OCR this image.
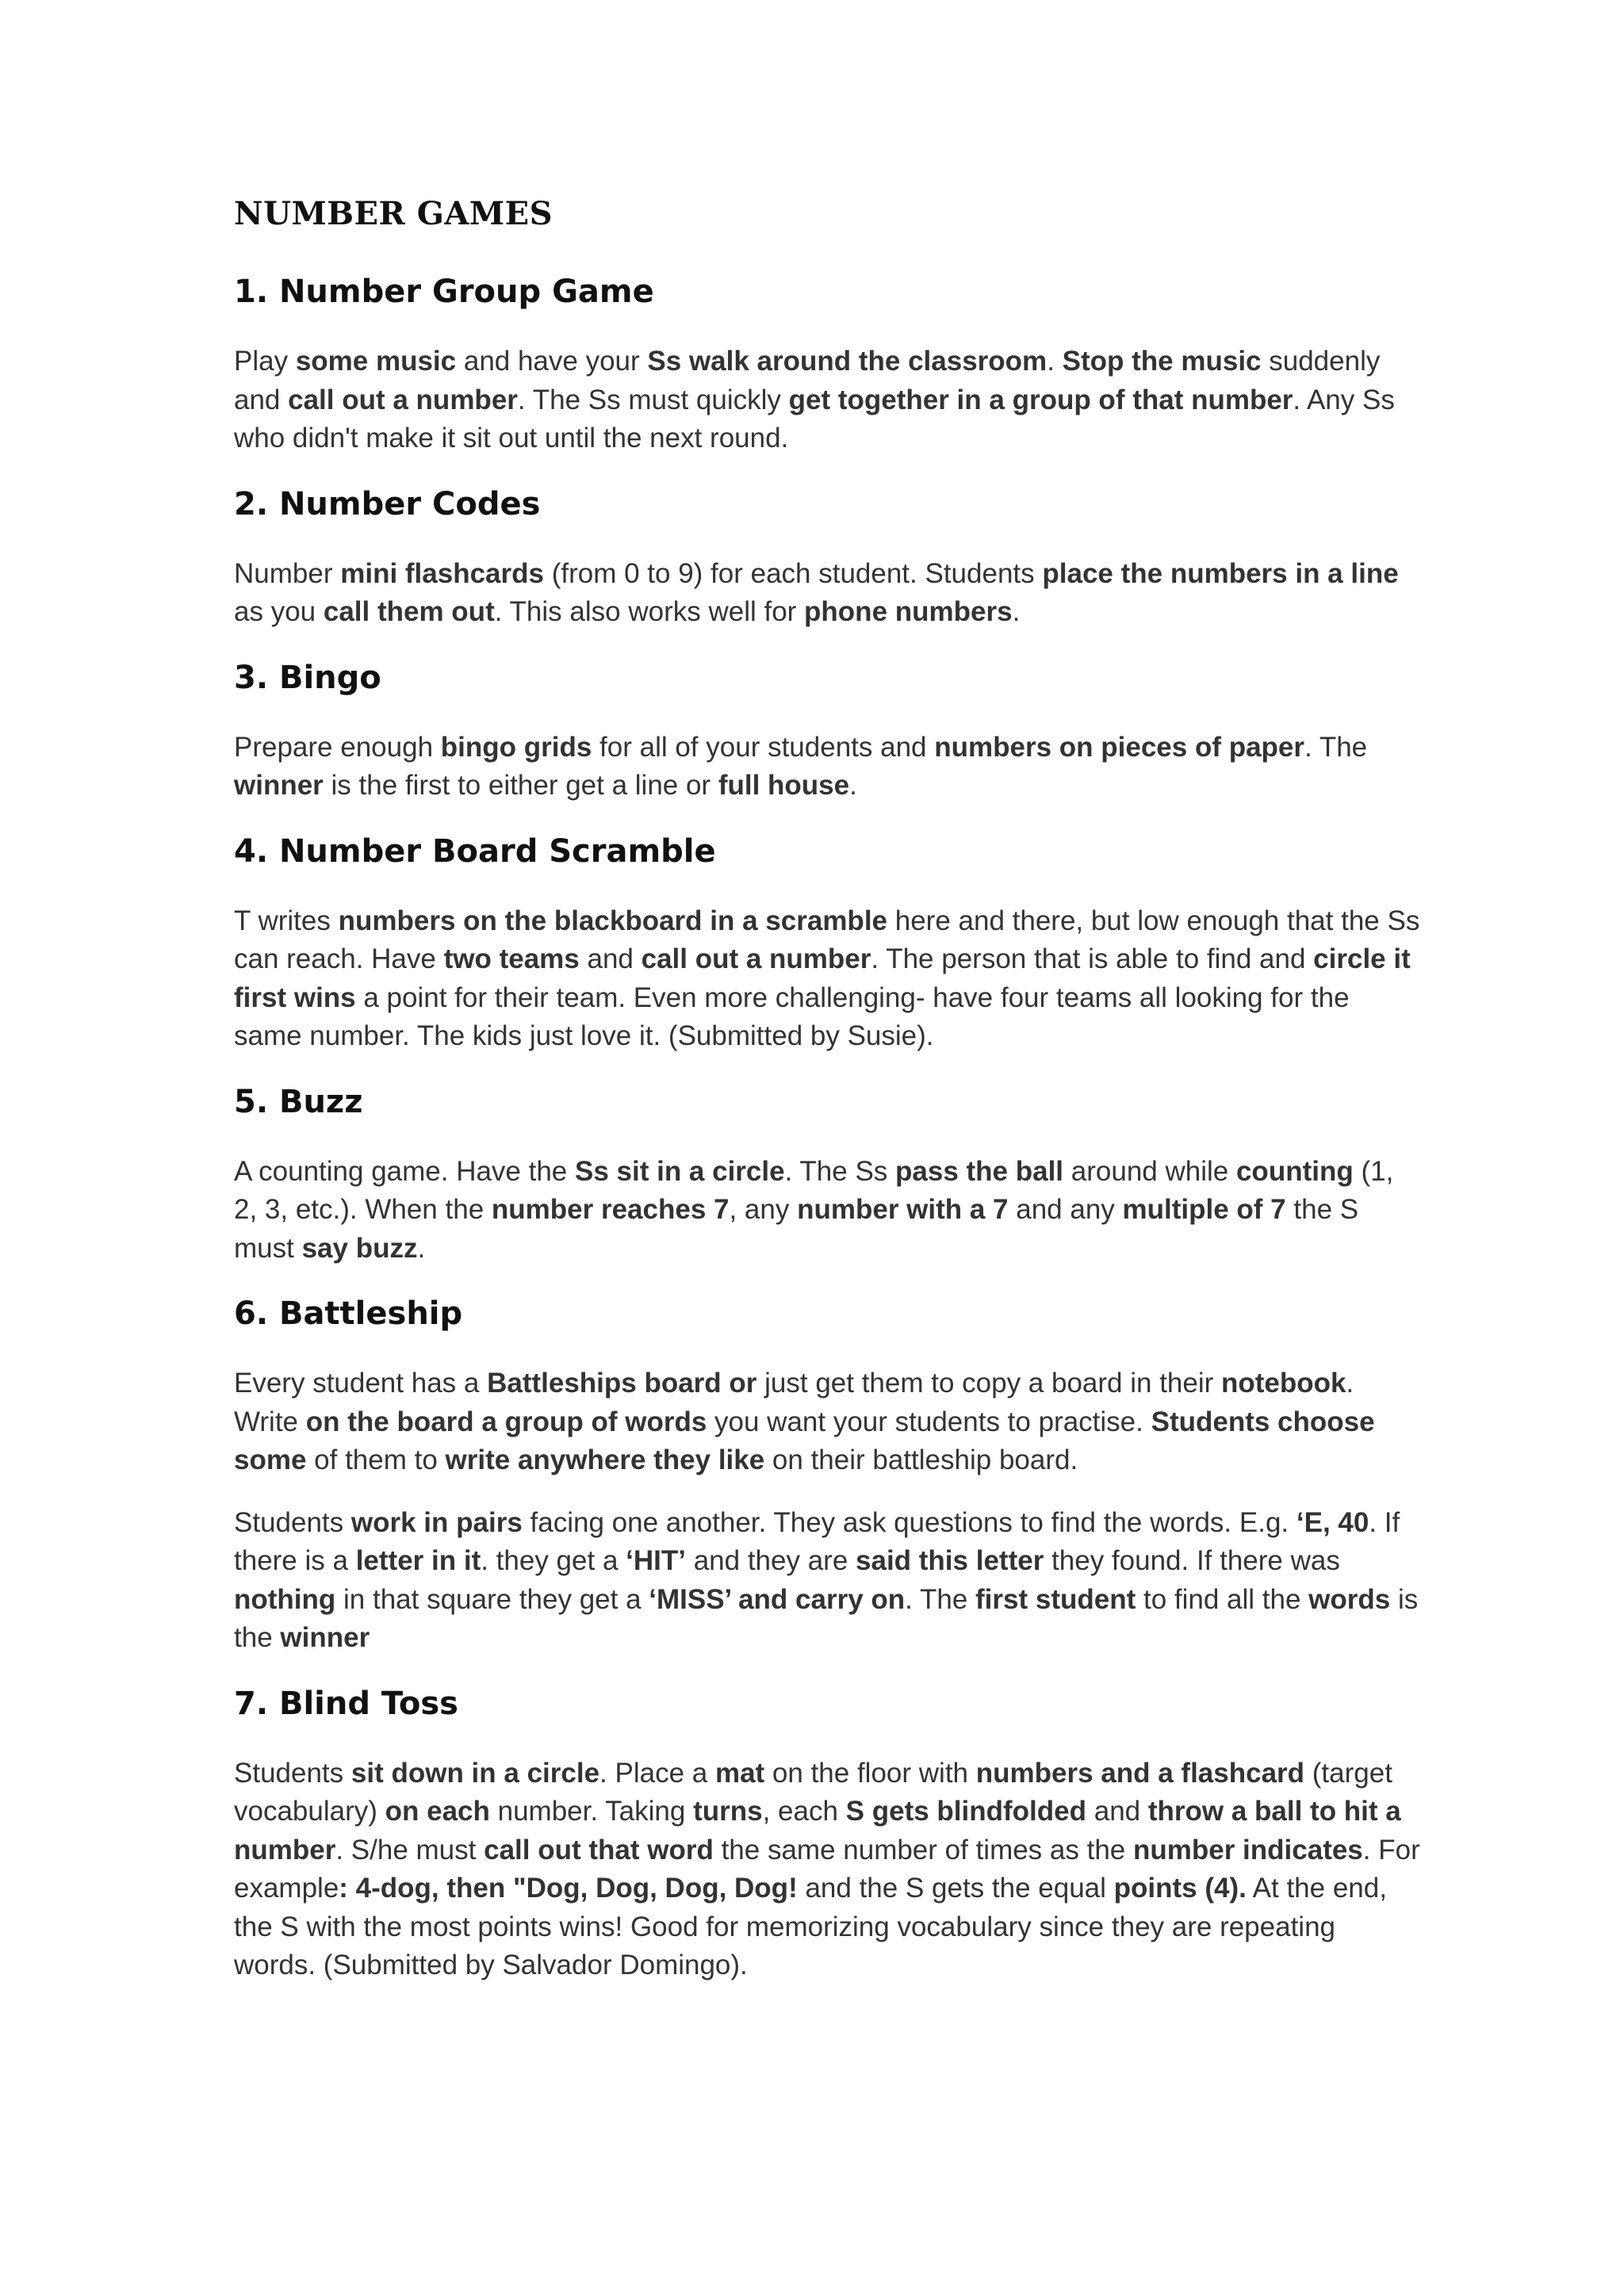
NUMBER GAMES
1. Number Group Game

Play some music and have your Ss walk around the classroom. Stop the music suddenly and call out a number. The Ss must quickly get together in a group of that number. Any Ss who didn't make it sit out until the next round.

2. Number Codes

Number mini flashcards (from 0 to 9) for each student. Students place the numbers in a line as you call them out. This also works well for phone numbers.

3. Bingo

Prepare enough bingo grids for all of your students and numbers on pieces of paper. The winner is the first to either get a line or full house.

4. Number Board Scramble

T writes numbers on the blackboard in a scramble here and there, but low enough that the Ss can reach. Have two teams and call out a number. The person that is able to find and circle it first wins a point for their team. Even more challenging- have four teams all looking for the same number. The kids just love it. (Submitted by Susie).

5. Buzz

A counting game. Have the Ss sit in a circle. The Ss pass the ball around while counting (1, 2, 3, etc.). When the number reaches 7, any number with a 7 and any multiple of 7 the S must say buzz.

6. Battleship

Every student has a Battleships board or just get them to copy a board in their notebook. Write on the board a group of words you want your students to practise. Students choose some of them to write anywhere they like on their battleship board.

Students work in pairs facing one another. They ask questions to find the words. E.g. ‘E, 40. If there is a letter in it. they get a ‘HIT’ and they are said this letter they found. If there was nothing in that square they get a ‘MISS’ and carry on. The first student to find all the words is the winner

7. Blind Toss

Students sit down in a circle. Place a mat on the floor with numbers and a flashcard (target vocabulary) on each number. Taking turns, each S gets blindfolded and throw a ball to hit a number. S/he must call out that word the same number of times as the number indicates. For example: 4-dog, then "Dog, Dog, Dog, Dog! and the S gets the equal points (4). At the end, the S with the most points wins! Good for memorizing vocabulary since they are repeating words. (Submitted by Salvador Domingo).
